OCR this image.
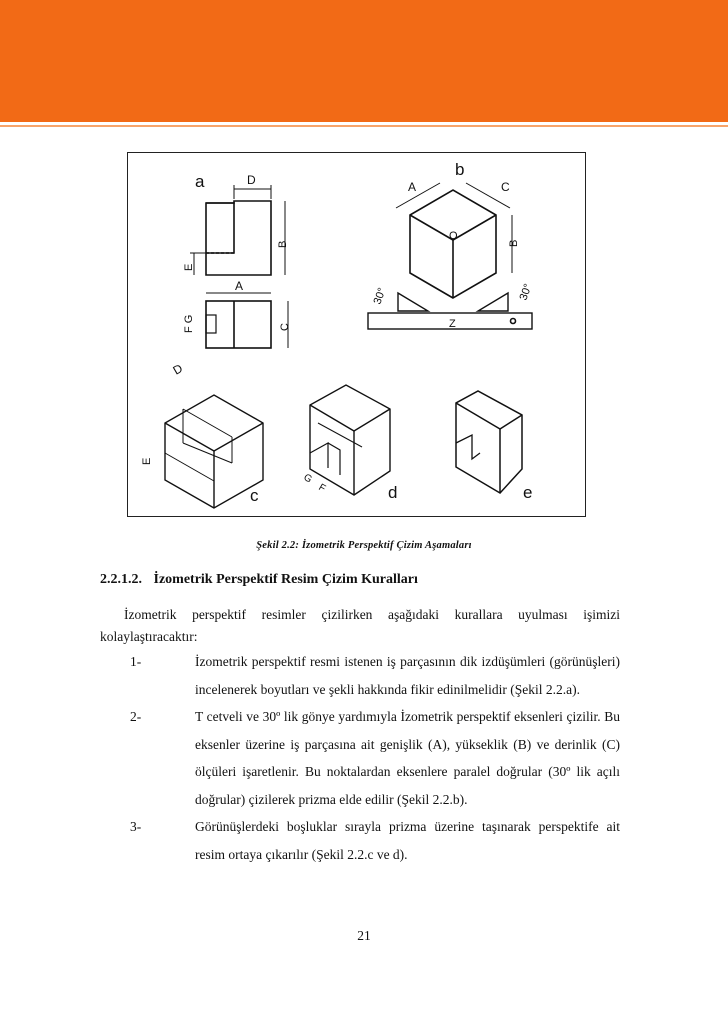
a	D
B
E
A
F G	C
b
A	C
B
O
30°	30°
Z
D
E
c
G
F	d	e
Şekil 2.2: İzometrik Perspektif Çizim Aşamaları
2.2.1.2. İzometrik Perspektif Resim Çizim Kuralları
İzometrik perspektif resimler çizilirken aşağıdaki kurallara uyulması işimizi
kolaylaştıracaktır:
1-	İzometrik perspektif resmi istenen iş parçasının dik izdüşümleri (görünüşleri) incelenerek boyutları ve şekli hakkında fikir edinilmelidir (Şekil 2.2.a).
2-	T cetveli ve 30º lik gönye yardımıyla İzometrik perspektif eksenleri çizilir. Bu eksenler üzerine iş parçasına ait genişlik (A), yükseklik (B) ve derinlik (C) ölçüleri işaretlenir. Bu noktalardan eksenlere paralel doğrular (30º lik açılı doğrular) çizilerek prizma elde edilir (Şekil 2.2.b).
3-	Görünüşlerdeki boşluklar sırayla prizma üzerine taşınarak perspektife ait resim ortaya çıkarılır (Şekil 2.2.c ve d).
21
